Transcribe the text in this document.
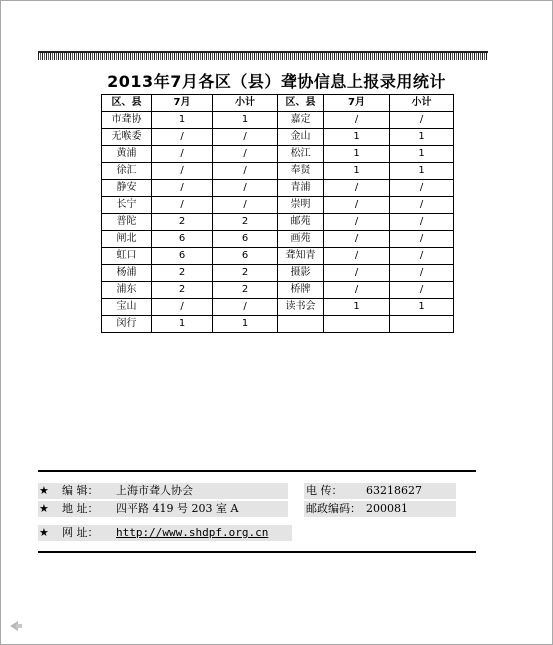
2013年7月各区（县）聋协信息上报录用统计
区、县	7月	小计	区、县	7月	小计
市聋协	1	1	嘉定	/	/
无喉委	/	/	金山	1	1
黄浦	/	/	松江	1	1
徐汇	/	/	奉贤	1	1
静安	/	/	青浦	/	/
长宁	/	/	崇明	/	/
普陀	2	2	邮苑	/	/
闸北	6	6	画苑	/	/
虹口	6	6	聋知青	/	/
杨浦	2	2	摄影	/	/
浦东	2	2	桥牌	/	/
宝山	/	/	读书会	1	1
闵行	1	1			
★ 编 辑： 上海市聋人协会	电 传： 63218627
★ 地 址： 四平路 419 号 203 室 A	邮政编码： 200081
★ 网 址： http://www.shdpf.org.cn
